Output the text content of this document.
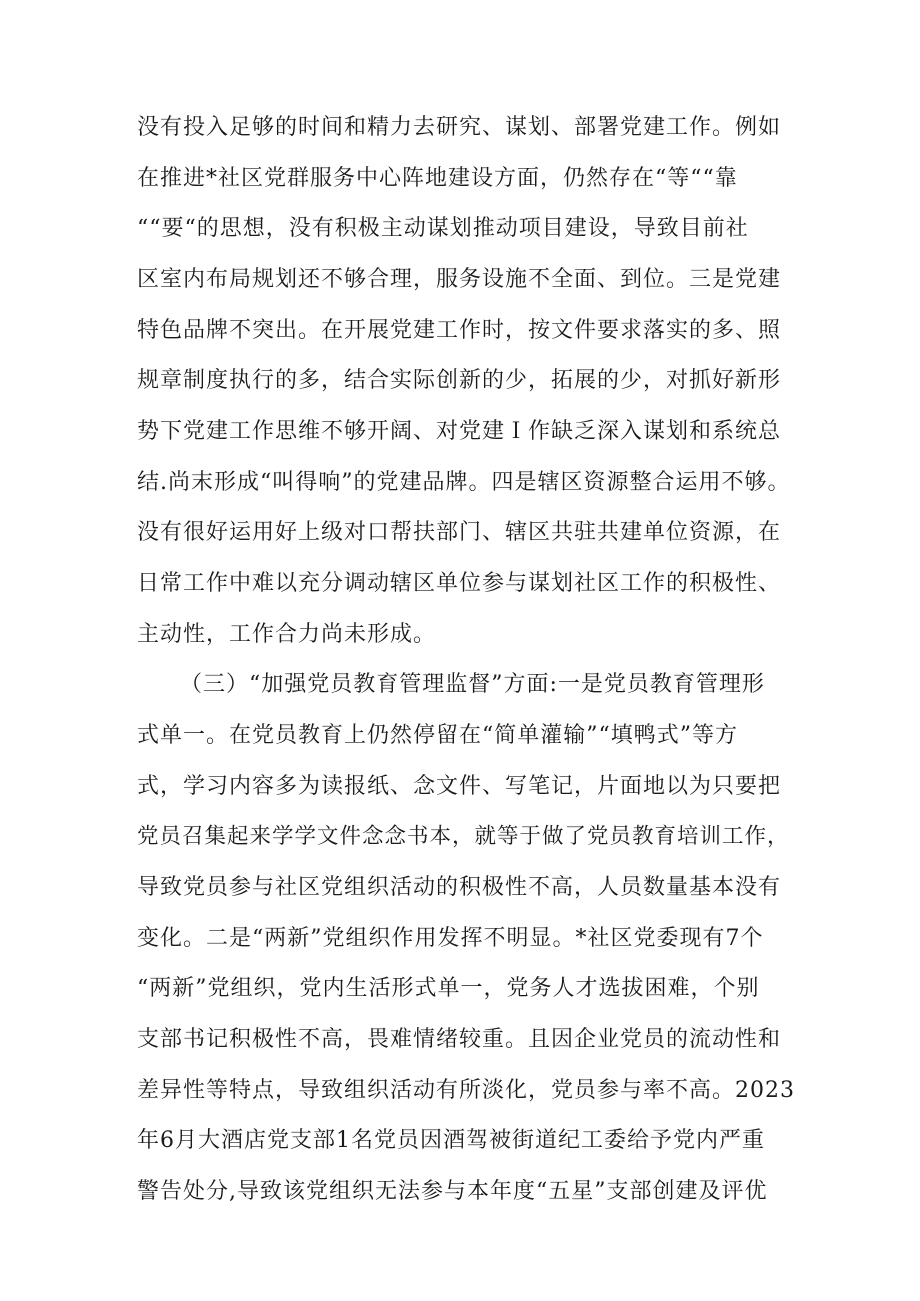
没有投入足够的时间和精力去研究、谋划、部署党建工作。例如
在推进*社区党群服务中心阵地建设方面，仍然存在“等““靠
““要“的思想，没有积极主动谋划推动项目建设，导致目前社
区室内布局规划还不够合理，服务设施不全面、到位。三是党建
特色品牌不突出。在开展党建工作时，按文件要求落实的多、照
规章制度执行的多，结合实际创新的少，拓展的少，对抓好新形
势下党建工作思维不够开阔、对党建Ｉ作缺乏深入谋划和系统总
结.尚末形成“叫得响”的党建品牌。四是辖区资源整合运用不够。
没有很好运用好上级对口帮扶部门、辖区共驻共建单位资源，在
日常工作中难以充分调动辖区单位参与谋划社区工作的积极性、
主动性，工作合力尚未形成。
（三）“加强党员教育管理监督”方面:一是党员教育管理形
式单一。在党员教育上仍然停留在“简单灌输”“填鸭式”等方
式，学习内容多为读报纸、念文件、写笔记，片面地以为只要把
党员召集起来学学文件念念书本，就等于做了党员教育培训工作，
导致党员参与社区党组织活动的积极性不高，人员数量基本没有
变化。二是“两新”党组织作用发挥不明显。*社区党委现有7个
“两新”党组织，党内生活形式单一，党务人才选拔困难，个别
支部书记积极性不高，畏难情绪较重。且因企业党员的流动性和
差异性等特点，导致组织活动有所淡化，党员参与率不高。2023
年6月大酒店党支部1名党员因酒驾被街道纪工委给予党内严重
警告处分,导致该党组织无法参与本年度“五星”支部创建及评优
